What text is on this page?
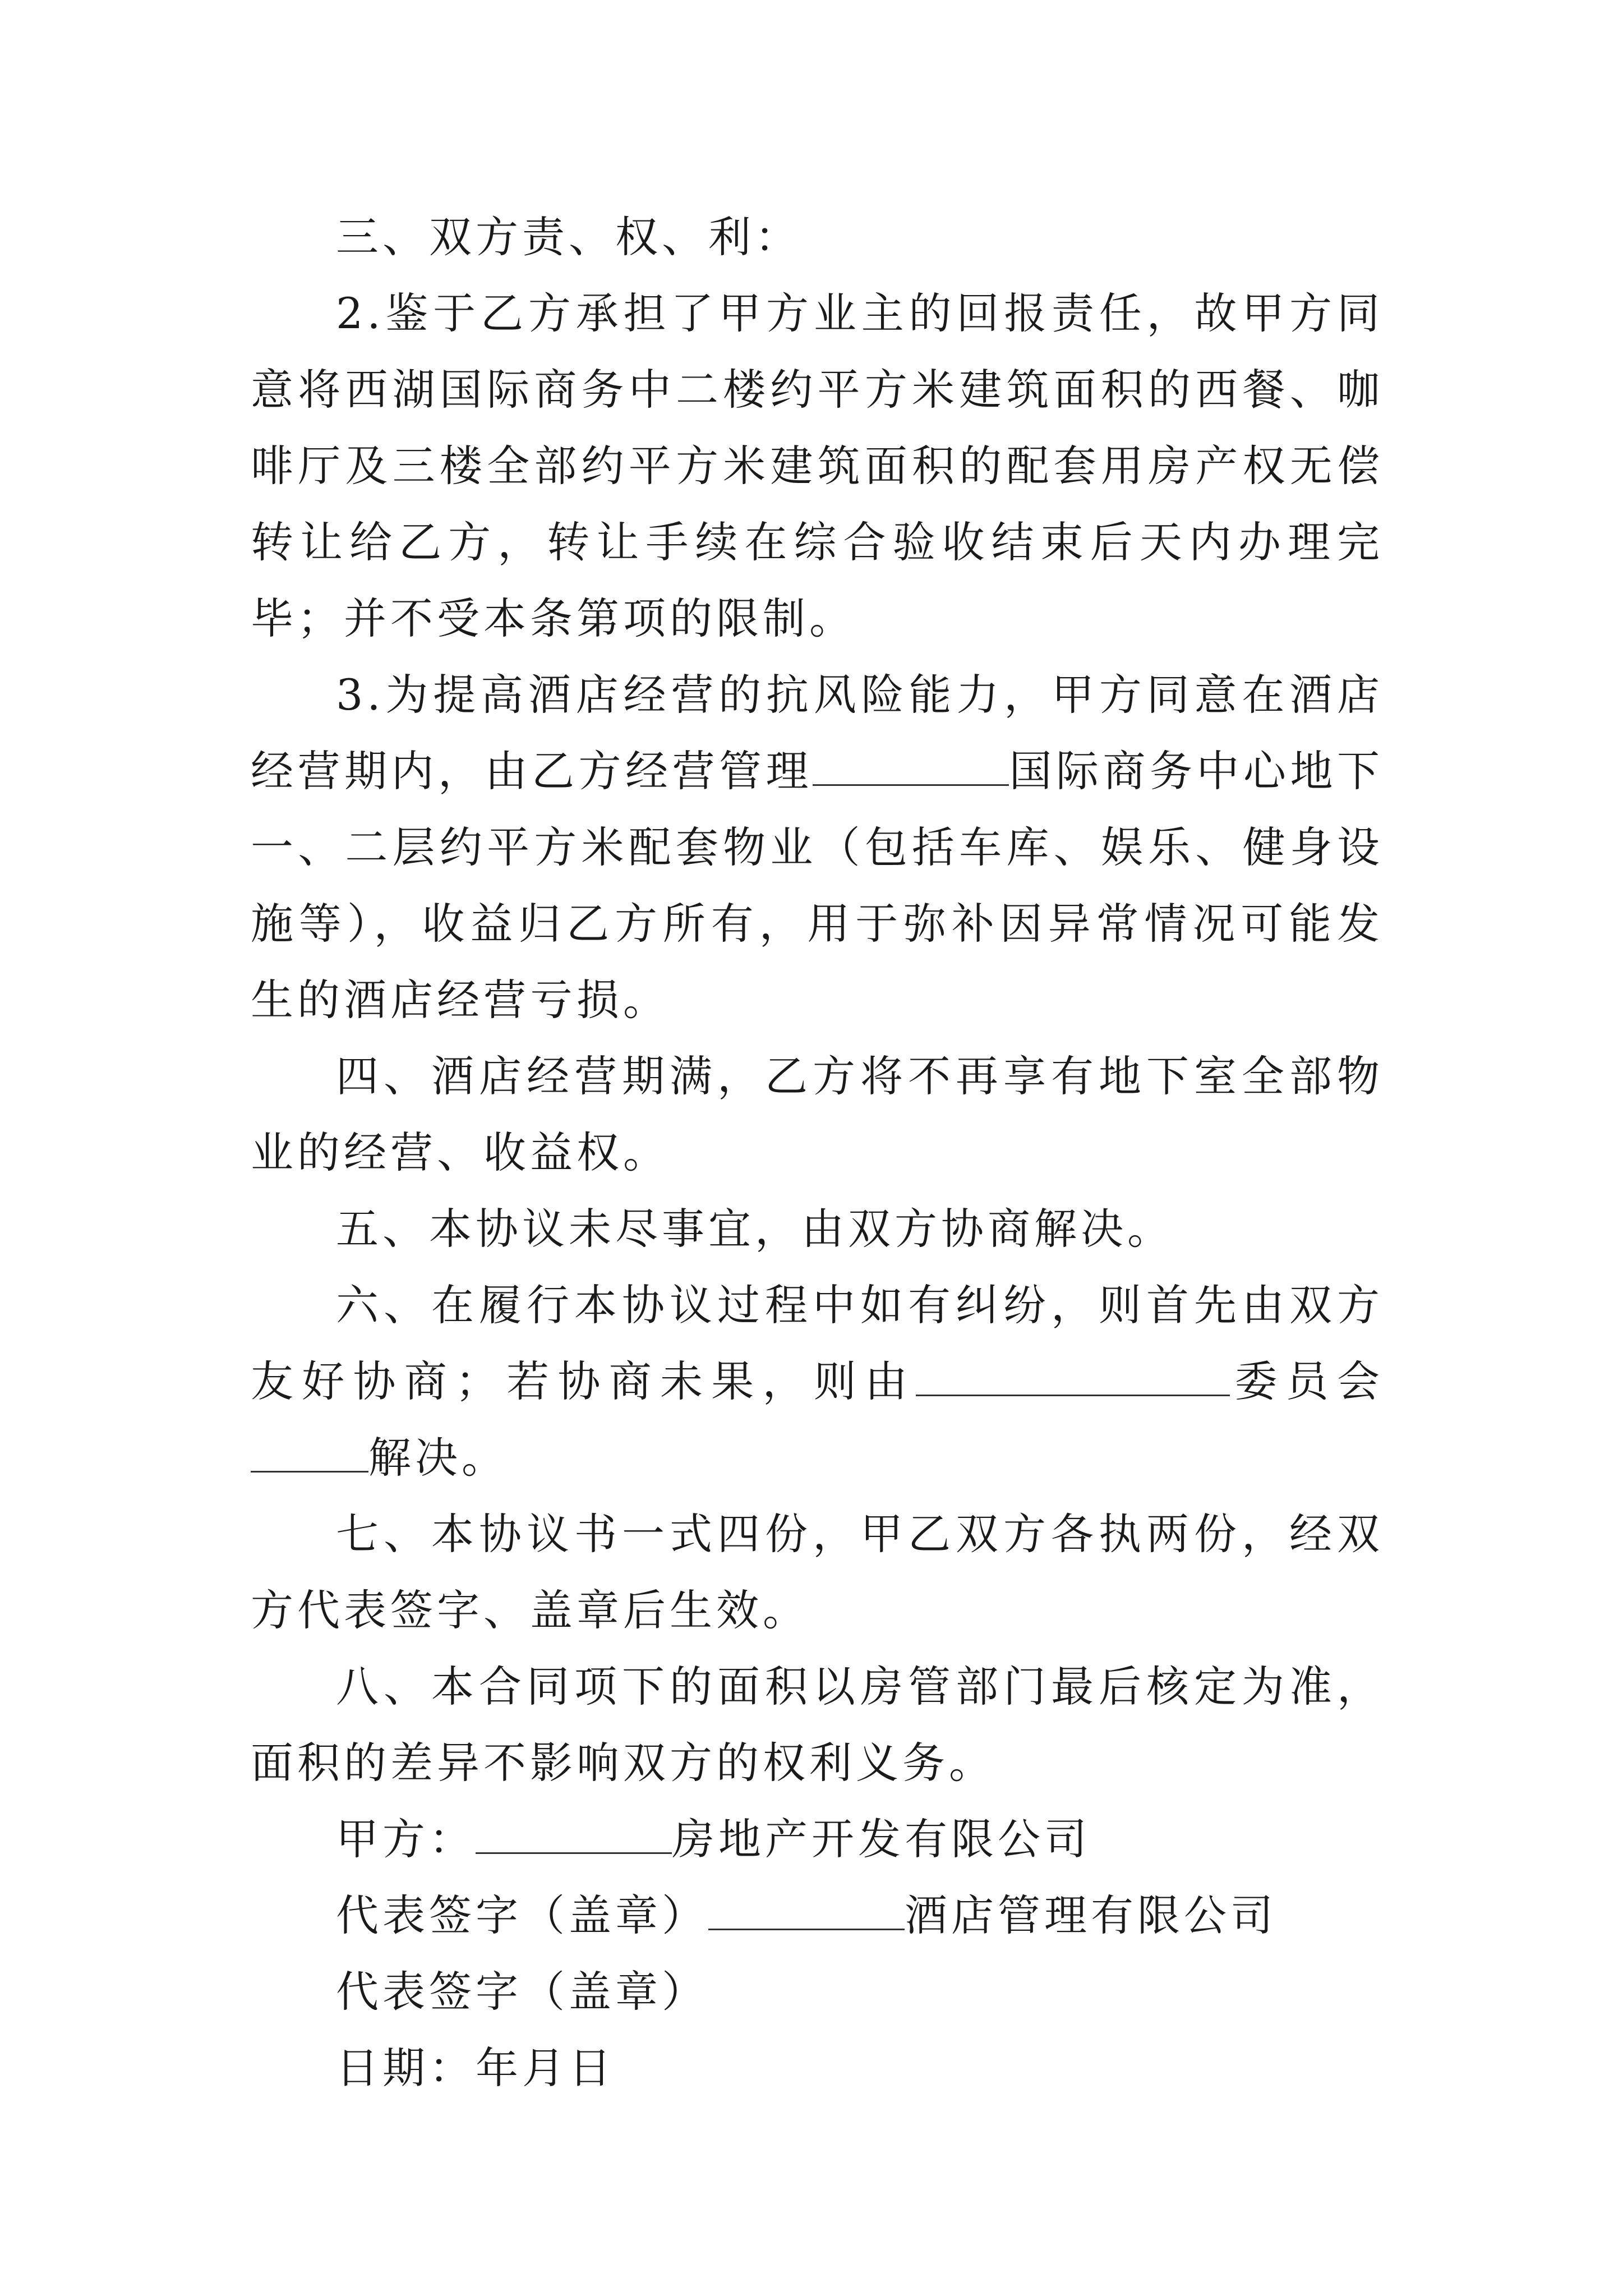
三、双方责、权、利：

2.鉴于乙方承担了甲方业主的回报责任，故甲方同意将西湖国际商务中二楼约平方米建筑面积的西餐、咖啡厅及三楼全部约平方米建筑面积的配套用房产权无偿转让给乙方，转让手续在综合验收结束后天内办理完毕；并不受本条第项的限制。

3.为提高酒店经营的抗风险能力，甲方同意在酒店经营期内，由乙方经营管理	国际商务中心地下一、二层约平方米配套物业（包括车库、娱乐、健身设施等），收益归乙方所有，用于弥补因异常情况可能发生的酒店经营亏损。

四、酒店经营期满，乙方将不再享有地下室全部物业的经营、收益权。

五、本协议未尽事宜，由双方协商解决。

六、在履行本协议过程中如有纠纷，则首先由双方友好协商；若协商未果，则由	委员会解决。

七、本协议书一式四份，甲乙双方各执两份，经双方代表签字、盖章后生效。

八、本合同项下的面积以房管部门最后核定为准，面积的差异不影响双方的权利义务。

甲方：	房地产开发有限公司

代表签字（盖章）	酒店管理有限公司

代表签字（盖章）

日期：年月日
